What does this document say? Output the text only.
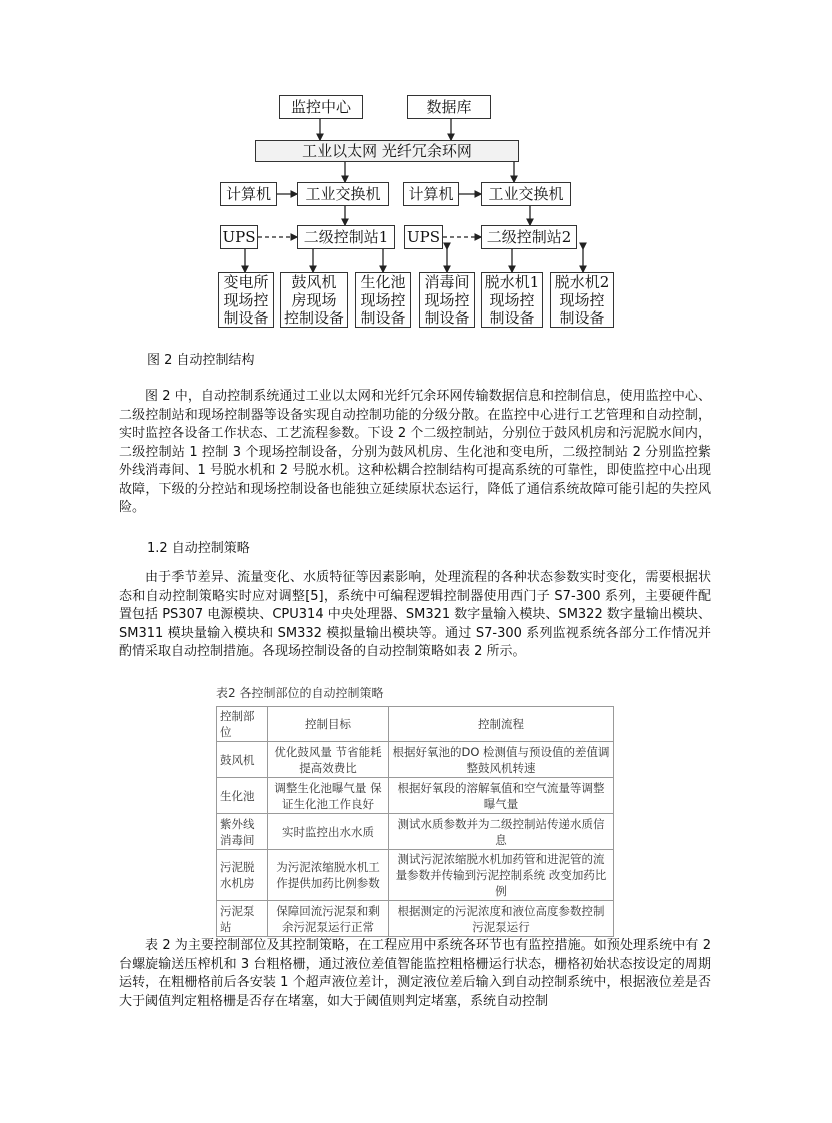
监控中心	数据库
工业以太网 光纤冗余环网
计算机	工业交换机	计算机	工业交换机
UPS	二级控制站1	UPS	二级控制站2
变电所
现场控
制设备
鼓风机
房现场
控制设备
生化池
现场控
制设备
消毒间
现场控
制设备
脱水机1
现场控
制设备
脱水机2
现场控
制设备
图 2 自动控制结构

图 2 中，自动控制系统通过工业以太网和光纤冗余环网传输数据信息和控制信息，使用监控中心、二级控制站和现场控制器等设备实现自动控制功能的分级分散。在监控中心进行工艺管理和自动控制，实时监控各设备工作状态、工艺流程参数。下设 2 个二级控制站，分别位于鼓风机房和污泥脱水间内，二级控制站 1 控制 3 个现场控制设备，分别为鼓风机房、生化池和变电所，二级控制站 2 分别监控紫外线消毒间、1 号脱水机和 2 号脱水机。这种松耦合控制结构可提高系统的可靠性，即使监控中心出现故障，下级的分控站和现场控制设备也能独立延续原状态运行，降低了通信系统故障可能引起的失控风险。

1.2 自动控制策略

由于季节差异、流量变化、水质特征等因素影响，处理流程的各种状态参数实时变化，需要根据状态和自动控制策略实时应对调整[5]，系统中可编程逻辑控制器使用西门子 S7-300 系列，主要硬件配置包括 PS307 电源模块、CPU314 中央处理器、SM321 数字量输入模块、SM322 数字量输出模块、SM311 模块量输入模块和 SM332 模拟量输出模块等。通过 S7-300 系列监视系统各部分工作情况并酌情采取自动控制措施。各现场控制设备的自动控制策略如表 2 所示。

表2 各控制部位的自动控制策略
控制部位	控制目标	控制流程
鼓风机	优化鼓风量 节省能耗 提高效费比	根据好氧池的DO 检测值与预设值的差值调整鼓风机转速
生化池	调整生化池曝气量 保证生化池工作良好	根据好氧段的溶解氧值和空气流量等调整曝气量
紫外线消毒间	实时监控出水水质	测试水质参数并为二级控制站传递水质信息
污泥脱水机房	为污泥浓缩脱水机工作提供加药比例参数	测试污泥浓缩脱水机加药管和进泥管的流量参数并传输到污泥控制系统 改变加药比例
污泥泵站	保障回流污泥泵和剩余污泥泵运行正常	根据测定的污泥浓度和液位高度参数控制污泥泵运行

表 2 为主要控制部位及其控制策略，在工程应用中系统各环节也有监控措施。如预处理系统中有 2 台螺旋输送压榨机和 3 台粗格栅，通过液位差值智能监控粗格栅运行状态，栅格初始状态按设定的周期运转，在粗栅格前后各安装 1 个超声液位差计，测定液位差后输入到自动控制系统中，根据液位差是否大于阈值判定粗格栅是否存在堵塞，如大于阈值则判定堵塞，系统自动控制
